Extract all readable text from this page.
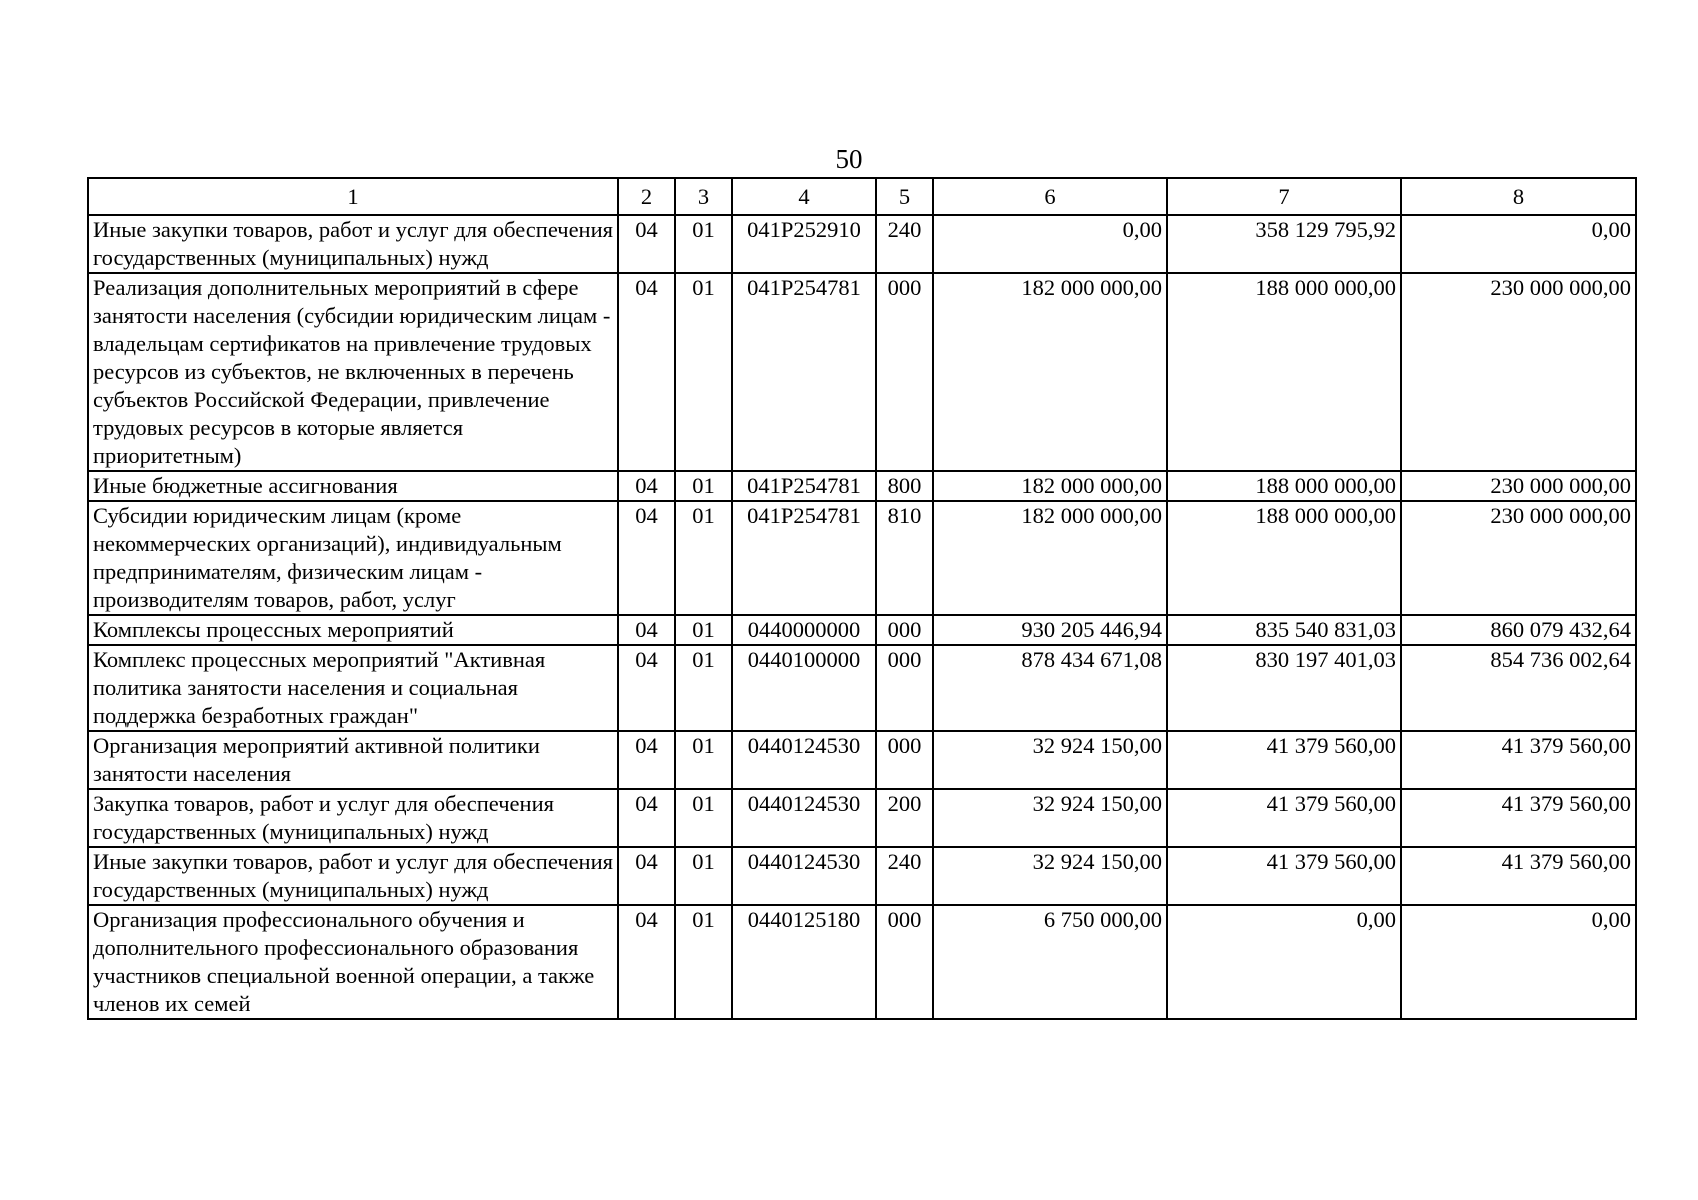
50
1	2	3	4	5	6	7	8
Иные закупки товаров, работ и услуг для обеспечения государственных (муниципальных) нужд	04	01	041P252910	240	0,00	358 129 795,92	0,00
Реализация дополнительных мероприятий в сфере занятости населения (субсидии юридическим лицам - владельцам сертификатов на привлечение трудовых ресурсов из субъектов, не включенных в перечень субъектов Российской Федерации, привлечение трудовых ресурсов в которые является приоритетным)	04	01	041P254781	000	182 000 000,00	188 000 000,00	230 000 000,00
Иные бюджетные ассигнования	04	01	041P254781	800	182 000 000,00	188 000 000,00	230 000 000,00
Субсидии юридическим лицам (кроме некоммерческих организаций), индивидуальным предпринимателям, физическим лицам - производителям товаров, работ, услуг	04	01	041P254781	810	182 000 000,00	188 000 000,00	230 000 000,00
Комплексы процессных мероприятий	04	01	0440000000	000	930 205 446,94	835 540 831,03	860 079 432,64
Комплекс процессных мероприятий "Активная политика занятости населения и социальная поддержка безработных граждан"	04	01	0440100000	000	878 434 671,08	830 197 401,03	854 736 002,64
Организация мероприятий активной политики занятости населения	04	01	0440124530	000	32 924 150,00	41 379 560,00	41 379 560,00
Закупка товаров, работ и услуг для обеспечения государственных (муниципальных) нужд	04	01	0440124530	200	32 924 150,00	41 379 560,00	41 379 560,00
Иные закупки товаров, работ и услуг для обеспечения государственных (муниципальных) нужд	04	01	0440124530	240	32 924 150,00	41 379 560,00	41 379 560,00
Организация профессионального обучения и дополнительного профессионального образования участников специальной военной операции, а также членов их семей	04	01	0440125180	000	6 750 000,00	0,00	0,00
